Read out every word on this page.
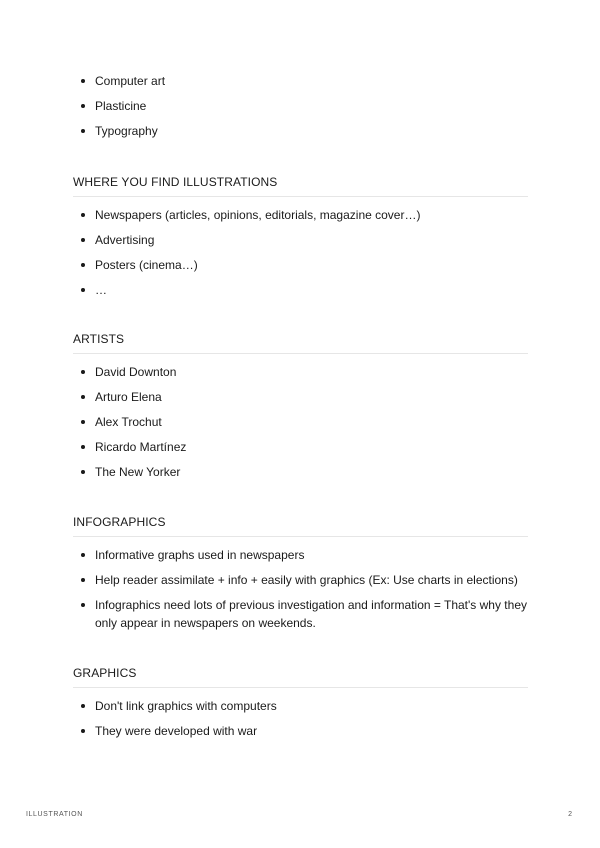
Computer art
Plasticine
Typography
WHERE YOU FIND ILLUSTRATIONS
Newspapers (articles, opinions, editorials, magazine cover…)
Advertising
Posters (cinema…)
…
ARTISTS
David Downton
Arturo Elena
Alex Trochut
Ricardo Martínez
The New Yorker
INFOGRAPHICS
Informative graphs used in newspapers
Help reader assimilate + info + easily with graphics (Ex: Use charts in elections)
Infographics need lots of previous investigation and information = That's why they only appear in newspapers on weekends.
GRAPHICS
Don't link graphics with computers
They were developed with war
ILLUSTRATION	2
